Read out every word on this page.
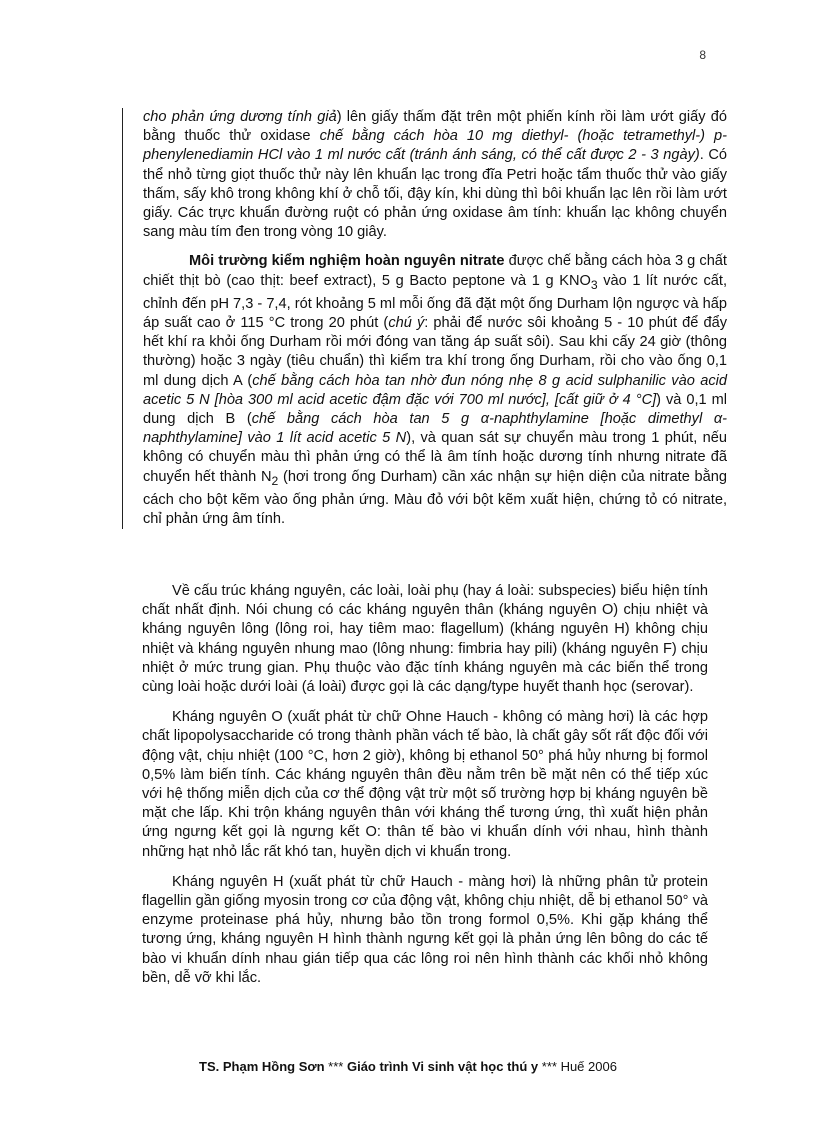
8

cho phản ứng dương tính giả) lên giấy thấm đặt trên một phiến kính rồi làm ướt giấy đó bằng thuốc thử oxidase chế bằng cách hòa 10 mg diethyl- (hoặc tetramethyl-) p-phenylenediamin HCl vào 1 ml nước cất (tránh ánh sáng, có thể cất được 2 - 3 ngày). Có thể nhỏ từng giọt thuốc thử này lên khuẩn lạc trong đĩa Petri hoặc tẩm thuốc thử vào giấy thấm, sấy khô trong không khí ở chỗ tối, đậy kín, khi dùng thì bôi khuẩn lạc lên rồi làm ướt giấy. Các trực khuẩn đường ruột có phản ứng oxidase âm tính: khuẩn lạc không chuyển sang màu tím đen trong vòng 10 giây.

Môi trường kiểm nghiệm hoàn nguyên nitrate được chế bằng cách hòa 3 g chất chiết thịt bò (cao thịt: beef extract), 5 g Bacto peptone và 1 g $KNO_3$ vào 1 lít nước cất, chỉnh đến pH 7,3 - 7,4, rót khoảng 5 ml mỗi ống đã đặt một ống Durham lộn ngược và hấp áp suất cao ở 115 °C trong 20 phút (chú ý: phải để nước sôi khoảng 5 - 10 phút để đẩy hết khí ra khỏi ống Durham rồi mới đóng van tăng áp suất sôi). Sau khi cấy 24 giờ (thông thường) hoặc 3 ngày (tiêu chuẩn) thì kiểm tra khí trong ống Durham, rồi cho vào ống 0,1 ml dung dịch A (chế bằng cách hòa tan nhờ đun nóng nhẹ 8 g acid sulphanilic vào acid acetic 5 N [hòa 300 ml acid acetic đậm đặc với 700 ml nước], [cất giữ ở 4 °C]) và 0,1 ml dung dịch B (chế bằng cách hòa tan 5 g α-naphthylamine [hoặc dimethyl α-naphthylamine] vào 1 lít acid acetic 5 N), và quan sát sự chuyển màu trong 1 phút, nếu không có chuyển màu thì phản ứng có thể là âm tính hoặc dương tính nhưng nitrate đã chuyển hết thành $N_2$ (hơi trong ống Durham) cần xác nhận sự hiện diện của nitrate bằng cách cho bột kẽm vào ống phản ứng. Màu đỏ với bột kẽm xuất hiện, chứng tỏ có nitrate, chỉ phản ứng âm tính.

Về cấu trúc kháng nguyên, các loài, loài phụ (hay á loài: subspecies) biểu hiện tính chất nhất định. Nói chung có các kháng nguyên thân (kháng nguyên O) chịu nhiệt và kháng nguyên lông (lông roi, hay tiêm mao: flagellum) (kháng nguyên H) không chịu nhiệt và kháng nguyên nhung mao (lông nhung: fimbria hay pili) (kháng nguyên F) chịu nhiệt ở mức trung gian. Phụ thuộc vào đặc tính kháng nguyên mà các biến thể trong cùng loài hoặc dưới loài (á loài) được gọi là các dạng/type huyết thanh học (serovar).

Kháng nguyên O (xuất phát từ chữ Ohne Hauch - không có màng hơi) là các hợp chất lipopolysaccharide có trong thành phần vách tế bào, là chất gây sốt rất độc đối với động vật, chịu nhiệt (100 °C, hơn 2 giờ), không bị ethanol 50° phá hủy nhưng bị formol 0,5% làm biến tính. Các kháng nguyên thân đều nằm trên bề mặt nên có thể tiếp xúc với hệ thống miễn dịch của cơ thể động vật trừ một số trường hợp bị kháng nguyên bề mặt che lấp. Khi trộn kháng nguyên thân với kháng thể tương ứng, thì xuất hiện phản ứng ngưng kết gọi là ngưng kết O: thân tế bào vi khuẩn dính với nhau, hình thành những hạt nhỏ lắc rất khó tan, huyền dịch vi khuẩn trong.

Kháng nguyên H (xuất phát từ chữ Hauch - màng hơi) là những phân tử protein flagellin gần giống myosin trong cơ của động vật, không chịu nhiệt, dễ bị ethanol 50° và enzyme proteinase phá hủy, nhưng bảo tồn trong formol 0,5%. Khi gặp kháng thể tương ứng, kháng nguyên H hình thành ngưng kết gọi là phản ứng lên bông do các tế bào vi khuẩn dính nhau gián tiếp qua các lông roi nên hình thành các khối nhỏ không bền, dễ vỡ khi lắc.

TS. Phạm Hồng Sơn *** Giáo trình Vi sinh vật học thú y *** Huế 2006
